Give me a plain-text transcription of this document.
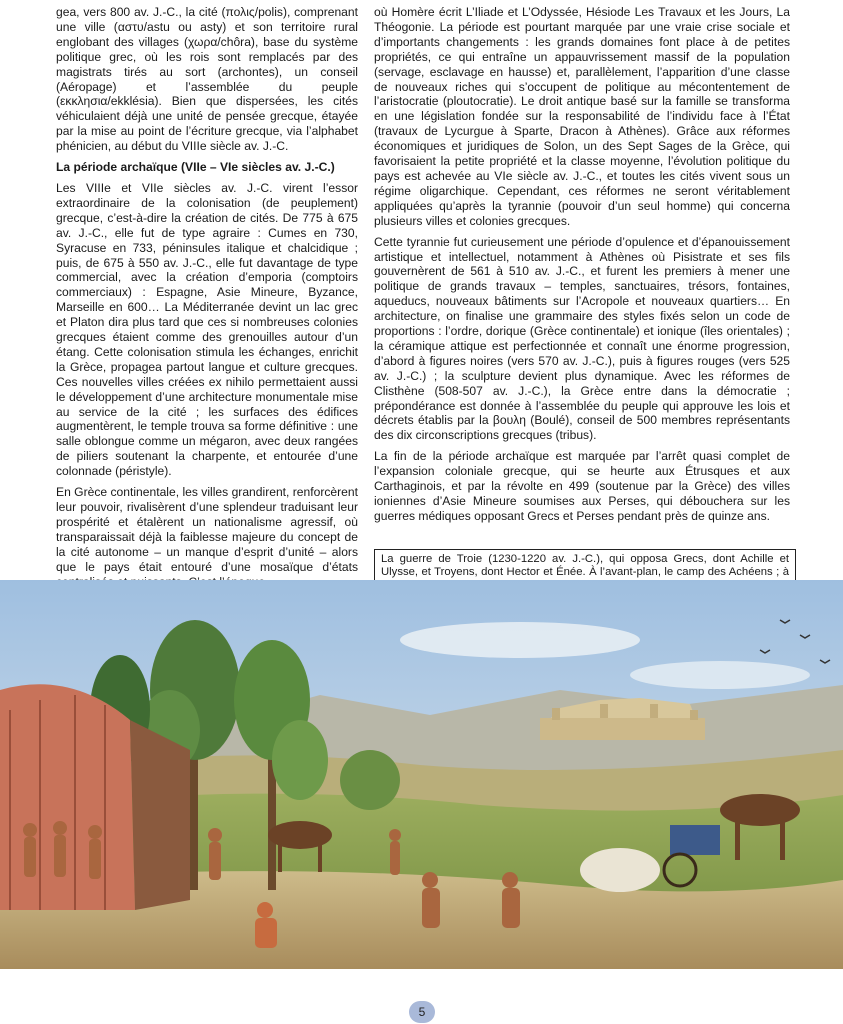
gea, vers 800 av. J.-C., la cité (πολις/polis), comprenant une ville (αστυ/astu ou asty) et son territoire rural englobant des villages (χωρα/chôra), base du système politique grec, où les rois sont remplacés par des magistrats tirés au sort (archontes), un conseil (Aéropage) et l’assemblée du peuple (εκκλησια/ekklésia). Bien que dispersées, les cités véhiculaient déjà une unité de pensée grecque, étayée par la mise au point de l’écriture grecque, via l’alphabet phénicien, au début du VIIIe siècle av. J.-C.

La période archaïque (VIIe – VIe siècles av. J.-C.)

Les VIIIe et VIIe siècles av. J.-C. virent l’essor extraordinaire de la colonisation (de peuplement) grecque, c’est-à-dire la création de cités. De 775 à 675 av. J.-C., elle fut de type agraire : Cumes en 730, Syracuse en 733, péninsules italique et chalcidique ; puis, de 675 à 550 av. J.-C., elle fut davantage de type commercial, avec la création d’emporia (comptoirs commerciaux) : Espagne, Asie Mineure, Byzance, Marseille en 600… La Méditerranée devint un lac grec et Platon dira plus tard que ces si nombreuses colonies grecques étaient comme des grenouilles autour d’un étang. Cette colonisation stimula les échanges, enrichit la Grèce, propagea partout langue et culture grecques. Ces nouvelles villes créées ex nihilo permettaient aussi le développement d’une architecture monumentale mise au service de la cité ; les surfaces des édifices augmentèrent, le temple trouva sa forme définitive : une salle oblongue comme un mégaron, avec deux rangées de piliers soutenant la charpente, et entourée d’une colonnade (péristyle).

En Grèce continentale, les villes grandirent, renforcèrent leur pouvoir, rivalisèrent d’une splendeur traduisant leur prospérité et étalèrent un nationalisme agressif, où transparaissait déjà la faiblesse majeure du concept de la cité autonome – un manque d’esprit d’unité – alors que le pays était entouré d’une mosaïque d’états

où Homère écrit L’Iliade et L’Odyssée, Hésiode Les Travaux et les Jours, La Théogonie. La période est pourtant marquée par une vraie crise sociale et d’importants changements : les grands domaines font place à de petites propriétés, ce qui entraîne un appauvrissement massif de la population (servage, esclavage en hausse) et, parallèlement, l’apparition d’une classe de nouveaux riches qui s’occupent de politique au mécontentement de l’aristocratie (ploutocratie). Le droit antique basé sur la famille se transforma en une législation fondée sur la responsabilité de l’individu face à l’État (travaux de Lycurgue à Sparte, Dracon à Athènes). Grâce aux réformes économiques et juridiques de Solon, un des Sept Sages de la Grèce, qui favorisaient la petite propriété et la classe moyenne, l’évolution politique du pays est achevée au VIe siècle av. J.-C., et toutes les cités vivent sous un régime oligarchique. Cependant, ces réformes ne seront véritablement appliquées qu’après la tyrannie (pouvoir d’un seul homme) qui concerna plusieurs villes et colonies grecques.

Cette tyrannie fut curieusement une période d’opulence et d’épanouissement artistique et intellectuel, notamment à Athènes où Pisistrate et ses fils gouvernèrent de 561 à 510 av. J.-C., et furent les premiers à mener une politique de grands travaux – temples, sanctuaires, trésors, fontaines, aqueducs, nouveaux bâtiments sur l’Acropole et nouveaux quartiers… En architecture, on finalise une grammaire des styles fixés selon un code de proportions : l’ordre, dorique (Grèce continentale) et ionique (îles orientales) ; la céramique attique est perfectionnée et connaît une énorme progression, d’abord à figures noires (vers 570 av. J.-C.), puis à figures rouges (vers 525 av. J.-C.) ; la sculpture devient plus dynamique. Avec les réformes de Clisthène (508-507 av. J.-C.), la Grèce entre dans la démocratie ; prépondérance est donnée à l’assemblée du peuple qui approuve les lois et décrets établis par la βουλη (Boulé), conseil de 500 membres représentants des dix circonscriptions grecques (tribus).

La fin de la période archaïque est marquée par l’arrêt quasi complet de l’expansion coloniale grecque, qui se heurte aux Étrusques et aux Carthaginois, et par la révolte en 499 (soutenue par la Grèce) des villes ioniennes d’Asie Mineure soumises aux Perses, qui débouchera sur les guerres médiques opposant Grecs et Perses pendant près de quinze ans.

La guerre de Troie (1230-1220 av. J.-C.), qui opposa Grecs, dont Achille et Ulysse, et Troyens, dont Hector et Énée. À l’avant-plan, le camp des Achéens ; à
5
